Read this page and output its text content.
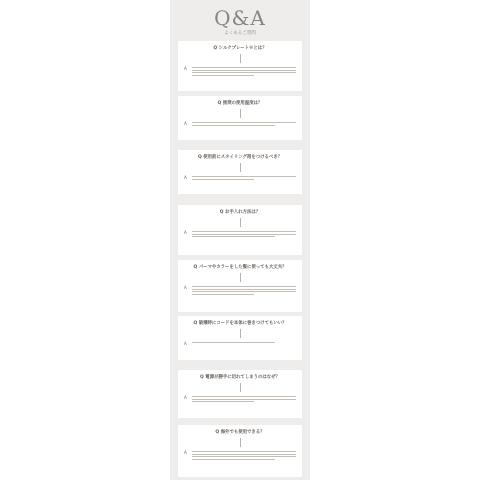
Q&A
よくあるご質問
Q シルクプレート®とは？
A
Q 推奨の使用温度は？
A
Q 使用前にスタイリング剤をつけるべき？
A
Q お手入れ方法は？
A
Q パーマやカラーをした髪に使っても大丈夫？
A
Q 破壊時にコードを本体に巻きつけてもいい？
A
Q 電源が勝手に切れてしまうのはなぜ？
A
Q 海外でも使用できる？
A
